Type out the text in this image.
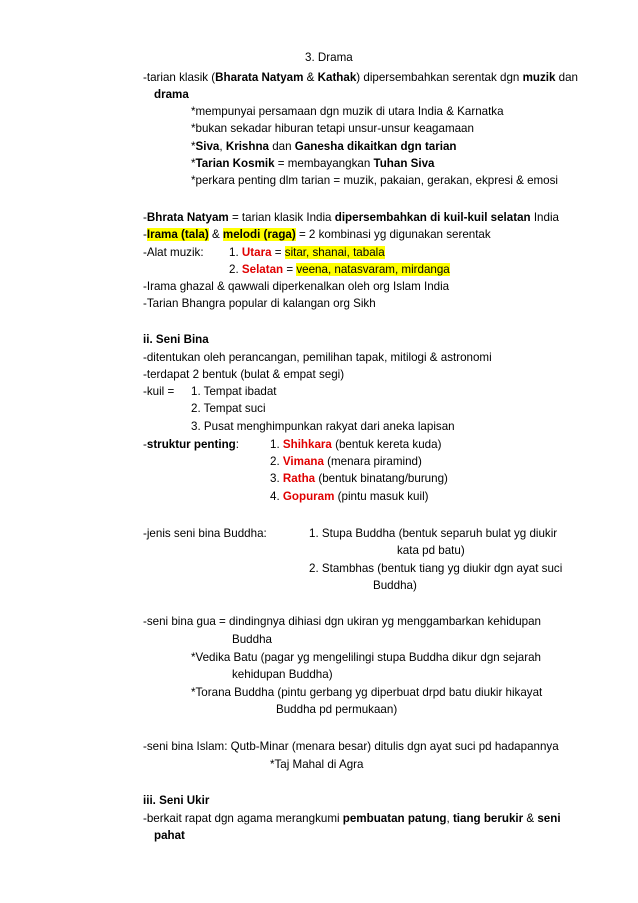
3. Drama
-tarian klasik (Bharata Natyam & Kathak) dipersembahkan serentak dgn muzik dan
drama
*mempunyai persamaan dgn muzik di utara India & Karnatka
*bukan sekadar hiburan tetapi unsur-unsur keagamaan
*Siva, Krishna dan Ganesha dikaitkan dgn tarian
*Tarian Kosmik = membayangkan Tuhan Siva
*perkara penting dlm tarian = muzik, pakaian, gerakan, ekpresi & emosi
-Bhrata Natyam = tarian klasik India dipersembahkan di kuil-kuil selatan India
-Irama (tala) & melodi (raga) = 2 kombinasi yg digunakan serentak
-Alat muzik: 1. Utara = sitar, shanai, tabala
2. Selatan = veena, natasvaram, mirdanga
-Irama ghazal & qawwali diperkenalkan oleh org Islam India
-Tarian Bhangra popular di kalangan org Sikh
ii. Seni Bina
-ditentukan oleh perancangan, pemilihan tapak, mitilogi & astronomi
-terdapat 2 bentuk (bulat & empat segi)
-kuil = 1. Tempat ibadat
2. Tempat suci
3. Pusat menghimpunkan rakyat dari aneka lapisan
-struktur penting:	1. Shihkara (bentuk kereta kuda)
2. Vimana (menara piramind)
3. Ratha (bentuk binatang/burung)
4. Gopuram (pintu masuk kuil)
-jenis seni bina Buddha:	1. Stupa Buddha (bentuk separuh bulat yg diukir
kata pd batu)
2. Stambhas (bentuk tiang yg diukir dgn ayat suci
Buddha)
-seni bina gua = dindingnya dihiasi dgn ukiran yg menggambarkan kehidupan
Buddha
*Vedika Batu (pagar yg mengelilingi stupa Buddha dikur dgn sejarah
kehidupan Buddha)
*Torana Buddha (pintu gerbang yg diperbuat drpd batu diukir hikayat
Buddha pd permukaan)
-seni bina Islam: Qutb-Minar (menara besar) ditulis dgn ayat suci pd hadapannya
*Taj Mahal di Agra
iii. Seni Ukir
-berkait rapat dgn agama merangkumi pembuatan patung, tiang berukir & seni
pahat
